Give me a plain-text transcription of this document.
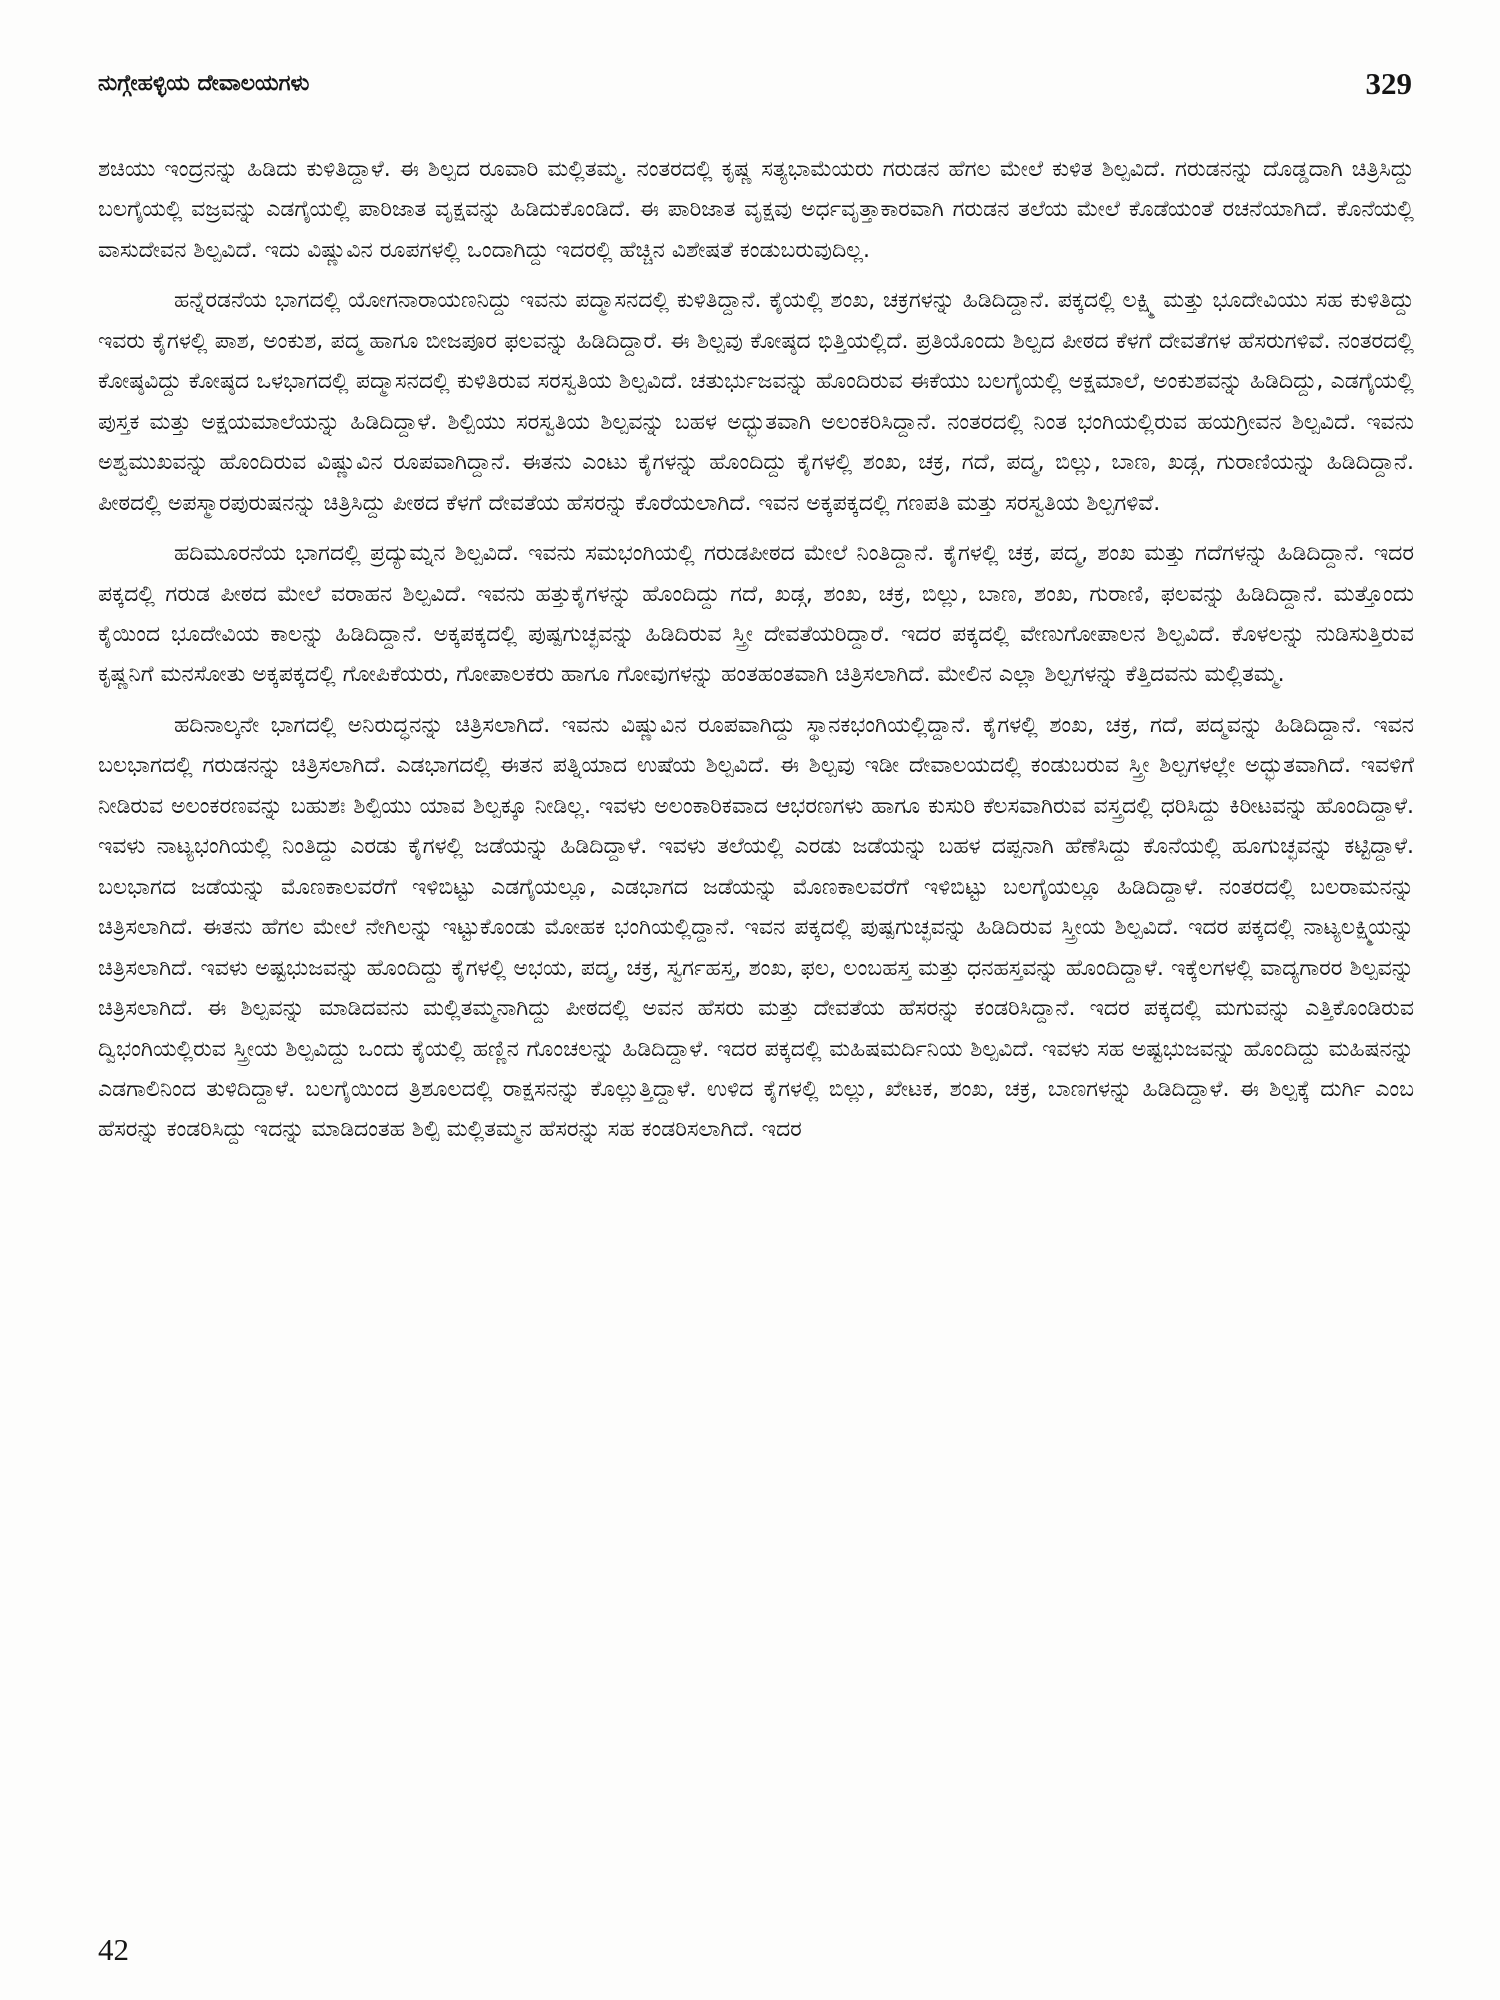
ನುಗ್ಗೇಹಳ್ಳಿಯ ದೇವಾಲಯಗಳು	329

ಶಚಿಯು ಇಂದ್ರನನ್ನು ಹಿಡಿದು ಕುಳಿತಿದ್ದಾಳೆ. ಈ ಶಿಲ್ಪದ ರೂವಾರಿ ಮಲ್ಲಿತಮ್ಮ. ನಂತರದಲ್ಲಿ ಕೃಷ್ಣ ಸತ್ಯಭಾಮೆಯರು ಗರುಡನ ಹೆಗಲ ಮೇಲೆ ಕುಳಿತ ಶಿಲ್ಪವಿದೆ. ಗರುಡನನ್ನು ದೊಡ್ಡದಾಗಿ ಚಿತ್ರಿಸಿದ್ದು ಬಲಗೈಯಲ್ಲಿ ವಜ್ರವನ್ನು ಎಡಗೈಯಲ್ಲಿ ಪಾರಿಜಾತ ವೃಕ್ಷವನ್ನು ಹಿಡಿದುಕೊಂಡಿದೆ. ಈ ಪಾರಿಜಾತ ವೃಕ್ಷವು ಅರ್ಧವೃತ್ತಾಕಾರವಾಗಿ ಗರುಡನ ತಲೆಯ ಮೇಲೆ ಕೊಡೆಯಂತೆ ರಚನೆಯಾಗಿದೆ. ಕೊನೆಯಲ್ಲಿ ವಾಸುದೇವನ ಶಿಲ್ಪವಿದೆ. ಇದು ವಿಷ್ಣುವಿನ ರೂಪಗಳಲ್ಲಿ ಒಂದಾಗಿದ್ದು ಇದರಲ್ಲಿ ಹೆಚ್ಚಿನ ವಿಶೇಷತೆ ಕಂಡುಬರುವುದಿಲ್ಲ.

ಹನ್ನೆರಡನೆಯ ಭಾಗದಲ್ಲಿ ಯೋಗನಾರಾಯಣನಿದ್ದು ಇವನು ಪದ್ಮಾಸನದಲ್ಲಿ ಕುಳಿತಿದ್ದಾನೆ. ಕೈಯಲ್ಲಿ ಶಂಖ, ಚಕ್ರಗಳನ್ನು ಹಿಡಿದಿದ್ದಾನೆ. ಪಕ್ಕದಲ್ಲಿ ಲಕ್ಷ್ಮಿ ಮತ್ತು ಭೂದೇವಿಯು ಸಹ ಕುಳಿತಿದ್ದು ಇವರು ಕೈಗಳಲ್ಲಿ ಪಾಶ, ಅಂಕುಶ, ಪದ್ಮ ಹಾಗೂ ಬೀಜಪೂರ ಫಲವನ್ನು ಹಿಡಿದಿದ್ದಾರೆ. ಈ ಶಿಲ್ಪವು ಕೋಷ್ಠದ ಭಿತ್ತಿಯಲ್ಲಿದೆ. ಪ್ರತಿಯೊಂದು ಶಿಲ್ಪದ ಪೀಠದ ಕೆಳಗೆ ದೇವತೆಗಳ ಹೆಸರುಗಳಿವೆ. ನಂತರದಲ್ಲಿ ಕೋಷ್ಠವಿದ್ದು ಕೋಷ್ಠದ ಒಳಭಾಗದಲ್ಲಿ ಪದ್ಮಾಸನದಲ್ಲಿ ಕುಳಿತಿರುವ ಸರಸ್ವತಿಯ ಶಿಲ್ಪವಿದೆ. ಚತುರ್ಭುಜವನ್ನು ಹೊಂದಿರುವ ಈಕೆಯು ಬಲಗೈಯಲ್ಲಿ ಅಕ್ಷಮಾಲೆ, ಅಂಕುಶವನ್ನು ಹಿಡಿದಿದ್ದು, ಎಡಗೈಯಲ್ಲಿ ಪುಸ್ತಕ ಮತ್ತು ಅಕ್ಷಯಮಾಲೆಯನ್ನು ಹಿಡಿದಿದ್ದಾಳೆ. ಶಿಲ್ಪಿಯು ಸರಸ್ವತಿಯ ಶಿಲ್ಪವನ್ನು ಬಹಳ ಅದ್ಭುತವಾಗಿ ಅಲಂಕರಿಸಿದ್ದಾನೆ. ನಂತರದಲ್ಲಿ ನಿಂತ ಭಂಗಿಯಲ್ಲಿರುವ ಹಯಗ್ರೀವನ ಶಿಲ್ಪವಿದೆ. ಇವನು ಅಶ್ವಮುಖವನ್ನು ಹೊಂದಿರುವ ವಿಷ್ಣುವಿನ ರೂಪವಾಗಿದ್ದಾನೆ. ಈತನು ಎಂಟು ಕೈಗಳನ್ನು ಹೊಂದಿದ್ದು ಕೈಗಳಲ್ಲಿ ಶಂಖ, ಚಕ್ರ, ಗದೆ, ಪದ್ಮ, ಬಿಲ್ಲು, ಬಾಣ, ಖಡ್ಗ, ಗುರಾಣಿಯನ್ನು ಹಿಡಿದಿದ್ದಾನೆ. ಪೀಠದಲ್ಲಿ ಅಪಸ್ಮಾರಪುರುಷನನ್ನು ಚಿತ್ರಿಸಿದ್ದು ಪೀಠದ ಕೆಳಗೆ ದೇವತೆಯ ಹೆಸರನ್ನು ಕೊರೆಯಲಾಗಿದೆ. ಇವನ ಅಕ್ಕಪಕ್ಕದಲ್ಲಿ ಗಣಪತಿ ಮತ್ತು ಸರಸ್ವತಿಯ ಶಿಲ್ಪಗಳಿವೆ.

ಹದಿಮೂರನೆಯ ಭಾಗದಲ್ಲಿ ಪ್ರದ್ಯುಮ್ನನ ಶಿಲ್ಪವಿದೆ. ಇವನು ಸಮಭಂಗಿಯಲ್ಲಿ ಗರುಡಪೀಠದ ಮೇಲೆ ನಿಂತಿದ್ದಾನೆ. ಕೈಗಳಲ್ಲಿ ಚಕ್ರ, ಪದ್ಮ, ಶಂಖ ಮತ್ತು ಗದೆಗಳನ್ನು ಹಿಡಿದಿದ್ದಾನೆ. ಇದರ ಪಕ್ಕದಲ್ಲಿ ಗರುಡ ಪೀಠದ ಮೇಲೆ ವರಾಹನ ಶಿಲ್ಪವಿದೆ. ಇವನು ಹತ್ತುಕೈಗಳನ್ನು ಹೊಂದಿದ್ದು ಗದೆ, ಖಡ್ಗ, ಶಂಖ, ಚಕ್ರ, ಬಿಲ್ಲು, ಬಾಣ, ಶಂಖ, ಗುರಾಣಿ, ಫಲವನ್ನು ಹಿಡಿದಿದ್ದಾನೆ. ಮತ್ತೊಂದು ಕೈಯಿಂದ ಭೂದೇವಿಯ ಕಾಲನ್ನು ಹಿಡಿದಿದ್ದಾನೆ. ಅಕ್ಕಪಕ್ಕದಲ್ಲಿ ಪುಷ್ಪಗುಚ್ಛವನ್ನು ಹಿಡಿದಿರುವ ಸ್ತ್ರೀ ದೇವತೆಯರಿದ್ದಾರೆ. ಇದರ ಪಕ್ಕದಲ್ಲಿ ವೇಣುಗೋಪಾಲನ ಶಿಲ್ಪವಿದೆ. ಕೊಳಲನ್ನು ನುಡಿಸುತ್ತಿರುವ ಕೃಷ್ಣನಿಗೆ ಮನಸೋತು ಅಕ್ಕಪಕ್ಕದಲ್ಲಿ ಗೋಪಿಕೆಯರು, ಗೋಪಾಲಕರು ಹಾಗೂ ಗೋವುಗಳನ್ನು ಹಂತಹಂತವಾಗಿ ಚಿತ್ರಿಸಲಾಗಿದೆ. ಮೇಲಿನ ಎಲ್ಲಾ ಶಿಲ್ಪಗಳನ್ನು ಕೆತ್ತಿದವನು ಮಲ್ಲಿತಮ್ಮ.

ಹದಿನಾಲ್ಕನೇ ಭಾಗದಲ್ಲಿ ಅನಿರುದ್ಧನನ್ನು ಚಿತ್ರಿಸಲಾಗಿದೆ. ಇವನು ವಿಷ್ಣುವಿನ ರೂಪವಾಗಿದ್ದು ಸ್ಥಾನಕಭಂಗಿಯಲ್ಲಿದ್ದಾನೆ. ಕೈಗಳಲ್ಲಿ ಶಂಖ, ಚಕ್ರ, ಗದೆ, ಪದ್ಮವನ್ನು ಹಿಡಿದಿದ್ದಾನೆ. ಇವನ ಬಲಭಾಗದಲ್ಲಿ ಗರುಡನನ್ನು ಚಿತ್ರಿಸಲಾಗಿದೆ. ಎಡಭಾಗದಲ್ಲಿ ಈತನ ಪತ್ನಿಯಾದ ಉಷೆಯ ಶಿಲ್ಪವಿದೆ. ಈ ಶಿಲ್ಪವು ಇಡೀ ದೇವಾಲಯದಲ್ಲಿ ಕಂಡುಬರುವ ಸ್ತ್ರೀ ಶಿಲ್ಪಗಳಲ್ಲೇ ಅದ್ಭುತವಾಗಿದೆ. ಇವಳಿಗೆ ನೀಡಿರುವ ಅಲಂಕರಣವನ್ನು ಬಹುಶಃ ಶಿಲ್ಪಿಯು ಯಾವ ಶಿಲ್ಪಕ್ಕೂ ನೀಡಿಲ್ಲ. ಇವಳು ಅಲಂಕಾರಿಕವಾದ ಆಭರಣಗಳು ಹಾಗೂ ಕುಸುರಿ ಕೆಲಸವಾಗಿರುವ ವಸ್ತ್ರದಲ್ಲಿ ಧರಿಸಿದ್ದು ಕಿರೀಟವನ್ನು ಹೊಂದಿದ್ದಾಳೆ. ಇವಳು ನಾಟ್ಯಭಂಗಿಯಲ್ಲಿ ನಿಂತಿದ್ದು ಎರಡು ಕೈಗಳಲ್ಲಿ ಜಡೆಯನ್ನು ಹಿಡಿದಿದ್ದಾಳೆ. ಇವಳು ತಲೆಯಲ್ಲಿ ಎರಡು ಜಡೆಯನ್ನು ಬಹಳ ದಪ್ಪನಾಗಿ ಹೆಣೆಸಿದ್ದು ಕೊನೆಯಲ್ಲಿ ಹೂಗುಚ್ಛವನ್ನು ಕಟ್ಟಿದ್ದಾಳೆ. ಬಲಭಾಗದ ಜಡೆಯನ್ನು ಮೊಣಕಾಲವರೆಗೆ ಇಳಿಬಿಟ್ಟು ಎಡಗೈಯಲ್ಲೂ, ಎಡಭಾಗದ ಜಡೆಯನ್ನು ಮೊಣಕಾಲವರೆಗೆ ಇಳಿಬಿಟ್ಟು ಬಲಗೈಯಲ್ಲೂ ಹಿಡಿದಿದ್ದಾಳೆ. ನಂತರದಲ್ಲಿ ಬಲರಾಮನನ್ನು ಚಿತ್ರಿಸಲಾಗಿದೆ. ಈತನು ಹೆಗಲ ಮೇಲೆ ನೇಗಿಲನ್ನು ಇಟ್ಟುಕೊಂಡು ಮೋಹಕ ಭಂಗಿಯಲ್ಲಿದ್ದಾನೆ. ಇವನ ಪಕ್ಕದಲ್ಲಿ ಪುಷ್ಪಗುಚ್ಛವನ್ನು ಹಿಡಿದಿರುವ ಸ್ತ್ರೀಯ ಶಿಲ್ಪವಿದೆ. ಇದರ ಪಕ್ಕದಲ್ಲಿ ನಾಟ್ಯಲಕ್ಷ್ಮಿಯನ್ನು ಚಿತ್ರಿಸಲಾಗಿದೆ. ಇವಳು ಅಷ್ಟಭುಜವನ್ನು ಹೊಂದಿದ್ದು ಕೈಗಳಲ್ಲಿ ಅಭಯ, ಪದ್ಮ, ಚಕ್ರ, ಸ್ವರ್ಗಹಸ್ತ, ಶಂಖ, ಫಲ, ಲಂಬಹಸ್ತ ಮತ್ತು ಧನಹಸ್ತವನ್ನು ಹೊಂದಿದ್ದಾಳೆ. ಇಕ್ಕೆಲಗಳಲ್ಲಿ ವಾದ್ಯಗಾರರ ಶಿಲ್ಪವನ್ನು ಚಿತ್ರಿಸಲಾಗಿದೆ. ಈ ಶಿಲ್ಪವನ್ನು ಮಾಡಿದವನು ಮಲ್ಲಿತಮ್ಮನಾಗಿದ್ದು ಪೀಠದಲ್ಲಿ ಅವನ ಹೆಸರು ಮತ್ತು ದೇವತೆಯ ಹೆಸರನ್ನು ಕಂಡರಿಸಿದ್ದಾನೆ. ಇದರ ಪಕ್ಕದಲ್ಲಿ ಮಗುವನ್ನು ಎತ್ತಿಕೊಂಡಿರುವ ದ್ವಿಭಂಗಿಯಲ್ಲಿರುವ ಸ್ತ್ರೀಯ ಶಿಲ್ಪವಿದ್ದು ಒಂದು ಕೈಯಲ್ಲಿ ಹಣ್ಣಿನ ಗೊಂಚಲನ್ನು ಹಿಡಿದಿದ್ದಾಳೆ. ಇದರ ಪಕ್ಕದಲ್ಲಿ ಮಹಿಷಮರ್ದಿನಿಯ ಶಿಲ್ಪವಿದೆ. ಇವಳು ಸಹ ಅಷ್ಟಭುಜವನ್ನು ಹೊಂದಿದ್ದು ಮಹಿಷನನ್ನು ಎಡಗಾಲಿನಿಂದ ತುಳಿದಿದ್ದಾಳೆ. ಬಲಗೈಯಿಂದ ತ್ರಿಶೂಲದಲ್ಲಿ ರಾಕ್ಷಸನನ್ನು ಕೊಲ್ಲುತ್ತಿದ್ದಾಳೆ. ಉಳಿದ ಕೈಗಳಲ್ಲಿ ಬಿಲ್ಲು, ಖೇಟಕ, ಶಂಖ, ಚಕ್ರ, ಬಾಣಗಳನ್ನು ಹಿಡಿದಿದ್ದಾಳೆ. ಈ ಶಿಲ್ಪಕ್ಕೆ ದುರ್ಗಿ ಎಂಬ ಹೆಸರನ್ನು ಕಂಡರಿಸಿದ್ದು ಇದನ್ನು ಮಾಡಿದಂತಹ ಶಿಲ್ಪಿ ಮಲ್ಲಿತಮ್ಮನ ಹೆಸರನ್ನು ಸಹ ಕಂಡರಿಸಲಾಗಿದೆ. ಇದರ

42
